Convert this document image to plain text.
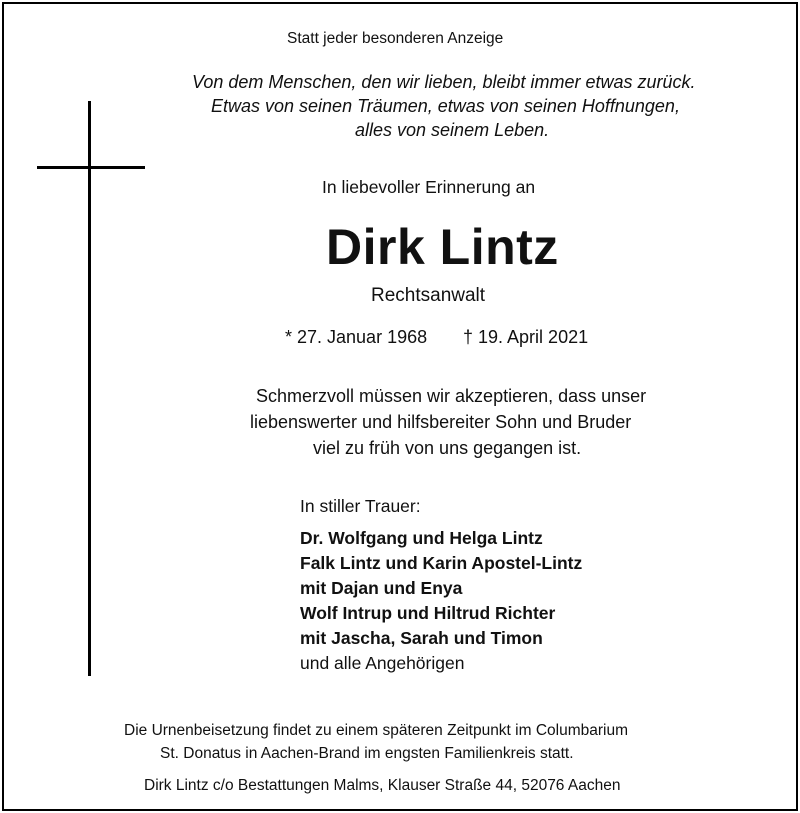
Statt jeder besonderen Anzeige
Von dem Menschen, den wir lieben, bleibt immer etwas zurück.
Etwas von seinen Träumen, etwas von seinen Hoffnungen,
alles von seinem Leben.
In liebevoller Erinnerung an
Dirk Lintz
Rechtsanwalt
* 27. Januar 1968 † 19. April 2021
Schmerzvoll müssen wir akzeptieren, dass unser
liebenswerter und hilfsbereiter Sohn und Bruder
viel zu früh von uns gegangen ist.
In stiller Trauer:
Dr. Wolfgang und Helga Lintz
Falk Lintz und Karin Apostel-Lintz
mit Dajan und Enya
Wolf Intrup und Hiltrud Richter
mit Jascha, Sarah und Timon
und alle Angehörigen
Die Urnenbeisetzung findet zu einem späteren Zeitpunkt im Columbarium
St. Donatus in Aachen-Brand im engsten Familienkreis statt.
Dirk Lintz c/o Bestattungen Malms, Klauser Straße 44, 52076 Aachen
